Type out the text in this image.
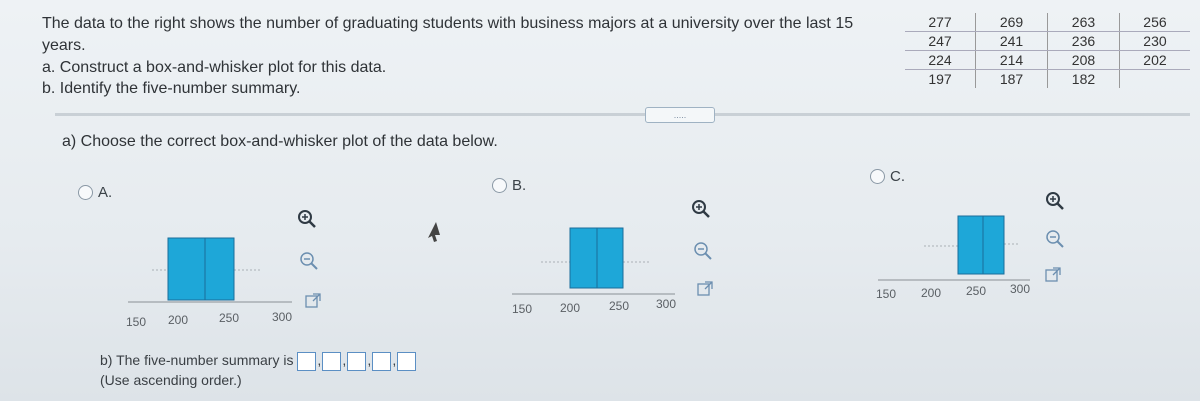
The data to the right shows the number of graduating students with business majors at a university over the last 15
years.
a. Construct a box-and-whisker plot for this data.
b. Identify the five-number summary.
277	269	263	256
247	241	236	230
224	214	208	202
197	187	182	
.....
a) Choose the correct box-and-whisker plot of the data below.
A.	B.
C.
150 200	250	300
150 200 250 300
150 200 250 300
b) The five-number summary is , , , ,
(Use ascending order.)
